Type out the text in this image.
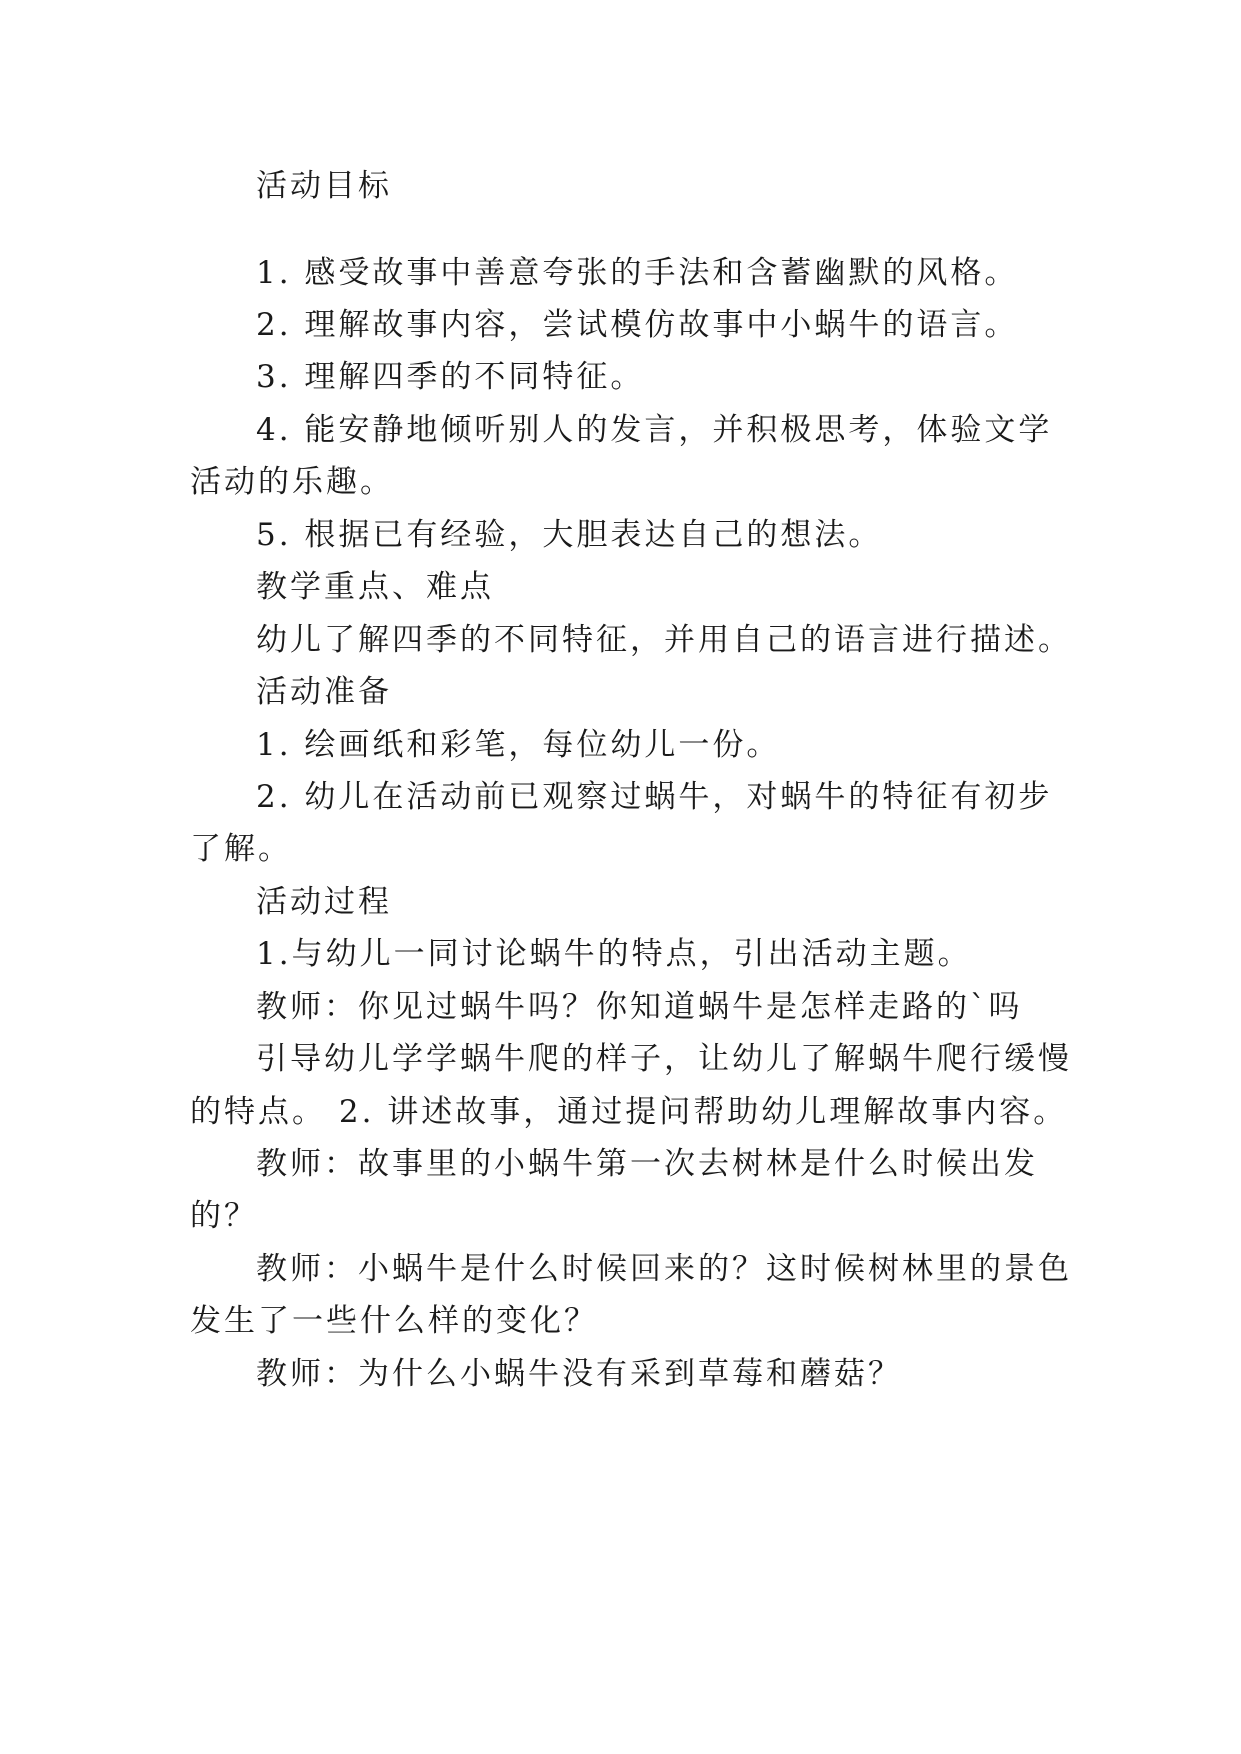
活动目标
1. 感受故事中善意夸张的手法和含蓄幽默的风格。
2. 理解故事内容，尝试模仿故事中小蜗牛的语言。
3. 理解四季的不同特征。
4. 能安静地倾听别人的发言，并积极思考，体验文学
活动的乐趣。
5. 根据已有经验，大胆表达自己的想法。
教学重点、难点
幼儿了解四季的不同特征，并用自己的语言进行描述。
活动准备
1. 绘画纸和彩笔，每位幼儿一份。
2. 幼儿在活动前已观察过蜗牛，对蜗牛的特征有初步
了解。
活动过程
1.与幼儿一同讨论蜗牛的特点，引出活动主题。
教师：你见过蜗牛吗？你知道蜗牛是怎样走路的`吗
引导幼儿学学蜗牛爬的样子，让幼儿了解蜗牛爬行缓慢
的特点。 2. 讲述故事，通过提问帮助幼儿理解故事内容。
教师：故事里的小蜗牛第一次去树林是什么时候出发
的？
教师：小蜗牛是什么时候回来的？这时候树林里的景色
发生了一些什么样的变化？
教师：为什么小蜗牛没有采到草莓和蘑菇？
